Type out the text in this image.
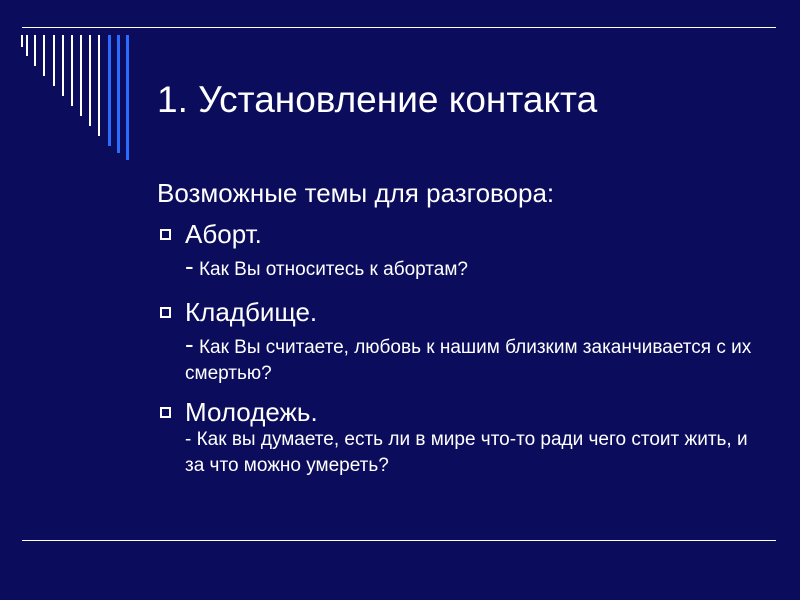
1. Установление контакта
Возможные темы для разговора:
Аборт.
- Как Вы относитесь к абортам?
Кладбище.
- Как Вы считаете, любовь к нашим близким заканчивается с их смертью?
Молодежь.
- Как вы думаете, есть ли в мире что-то ради чего стоит жить, и за что можно умереть?
